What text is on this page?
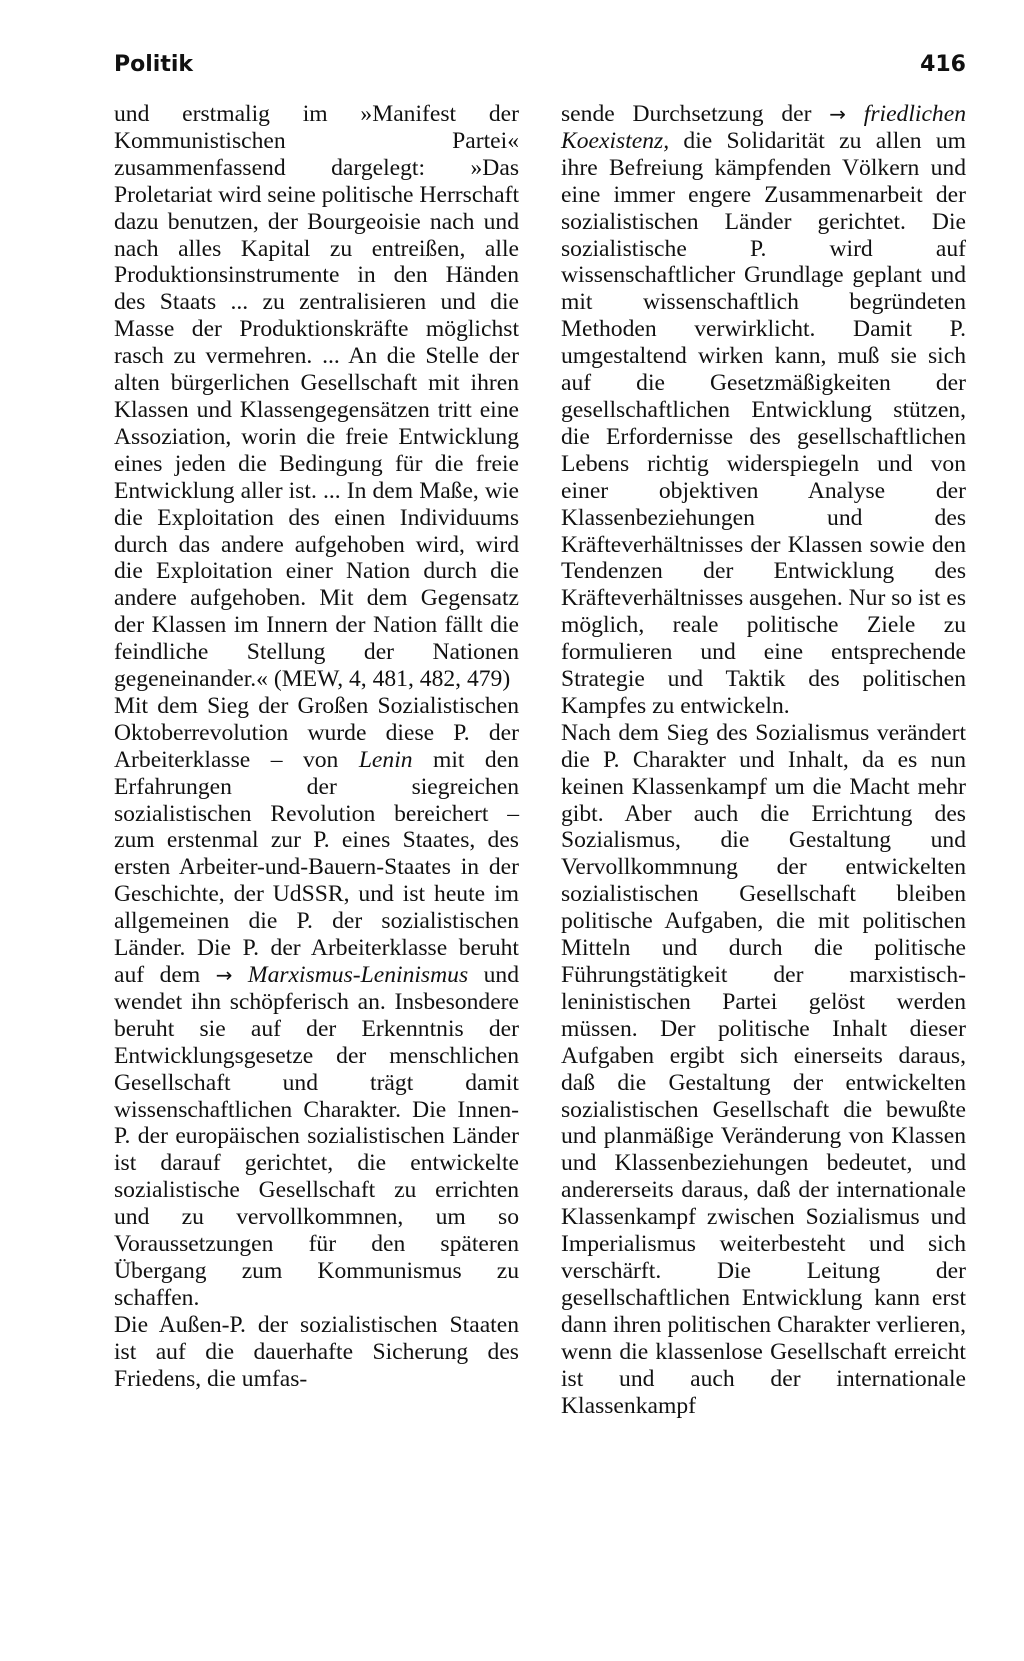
Politik	416

und erstmalig im »Manifest der Kommunistischen Partei« zusammenfassend dargelegt: »Das Proletariat wird seine politische Herrschaft dazu benutzen, der Bourgeoisie nach und nach alles Kapital zu entreißen, alle Produktionsinstrumente in den Händen des Staats ... zu zentralisieren und die Masse der Produktionskräfte möglichst rasch zu vermehren. ... An die Stelle der alten bürgerlichen Gesellschaft mit ihren Klassen und Klassengegensätzen tritt eine Assoziation, worin die freie Entwicklung eines jeden die Bedingung für die freie Entwicklung aller ist. ... In dem Maße, wie die Exploitation des einen Individuums durch das andere aufgehoben wird, wird die Exploitation einer Nation durch die andere aufgehoben. Mit dem Gegensatz der Klassen im Innern der Nation fällt die feindliche Stellung der Nationen gegeneinander.« (MEW, 4, 481, 482, 479)

Mit dem Sieg der Großen Sozialistischen Oktoberrevolution wurde diese P. der Arbeiterklasse – von Lenin mit den Erfahrungen der siegreichen sozialistischen Revolution bereichert – zum erstenmal zur P. eines Staates, des ersten Arbeiter-und-Bauern-Staates in der Geschichte, der UdSSR, und ist heute im allgemeinen die P. der sozialistischen Länder. Die P. der Arbeiterklasse beruht auf dem → Marxismus-Leninismus und wendet ihn schöpferisch an. Insbesondere beruht sie auf der Erkenntnis der Entwicklungsgesetze der menschlichen Gesellschaft und trägt damit wissenschaftlichen Charakter. Die Innen-P. der europäischen sozialistischen Länder ist darauf gerichtet, die entwickelte sozialistische Gesellschaft zu errichten und zu vervollkommnen, um so Voraussetzungen für den späteren Übergang zum Kommunismus zu schaffen.

Die Außen-P. der sozialistischen Staaten ist auf die dauerhafte Sicherung des Friedens, die umfas-

sende Durchsetzung der → friedlichen Koexistenz, die Solidarität zu allen um ihre Befreiung kämpfenden Völkern und eine immer engere Zusammenarbeit der sozialistischen Länder gerichtet. Die sozialistische P. wird auf wissenschaftlicher Grundlage geplant und mit wissenschaftlich begründeten Methoden verwirklicht. Damit P. umgestaltend wirken kann, muß sie sich auf die Gesetzmäßigkeiten der gesellschaftlichen Entwicklung stützen, die Erfordernisse des gesellschaftlichen Lebens richtig widerspiegeln und von einer objektiven Analyse der Klassenbeziehungen und des Kräfteverhältnisses der Klassen sowie den Tendenzen der Entwicklung des Kräfteverhältnisses ausgehen. Nur so ist es möglich, reale politische Ziele zu formulieren und eine entsprechende Strategie und Taktik des politischen Kampfes zu entwickeln.

Nach dem Sieg des Sozialismus verändert die P. Charakter und Inhalt, da es nun keinen Klassenkampf um die Macht mehr gibt. Aber auch die Errichtung des Sozialismus, die Gestaltung und Vervollkommnung der entwickelten sozialistischen Gesellschaft bleiben politische Aufgaben, die mit politischen Mitteln und durch die politische Führungstätigkeit der marxistisch-leninistischen Partei gelöst werden müssen. Der politische Inhalt dieser Aufgaben ergibt sich einerseits daraus, daß die Gestaltung der entwickelten sozialistischen Gesellschaft die bewußte und planmäßige Veränderung von Klassen und Klassenbeziehungen bedeutet, und andererseits daraus, daß der internationale Klassenkampf zwischen Sozialismus und Imperialismus weiterbesteht und sich verschärft. Die Leitung der gesellschaftlichen Entwicklung kann erst dann ihren politischen Charakter verlieren, wenn die klassenlose Gesellschaft erreicht ist und auch der internationale Klassenkampf
